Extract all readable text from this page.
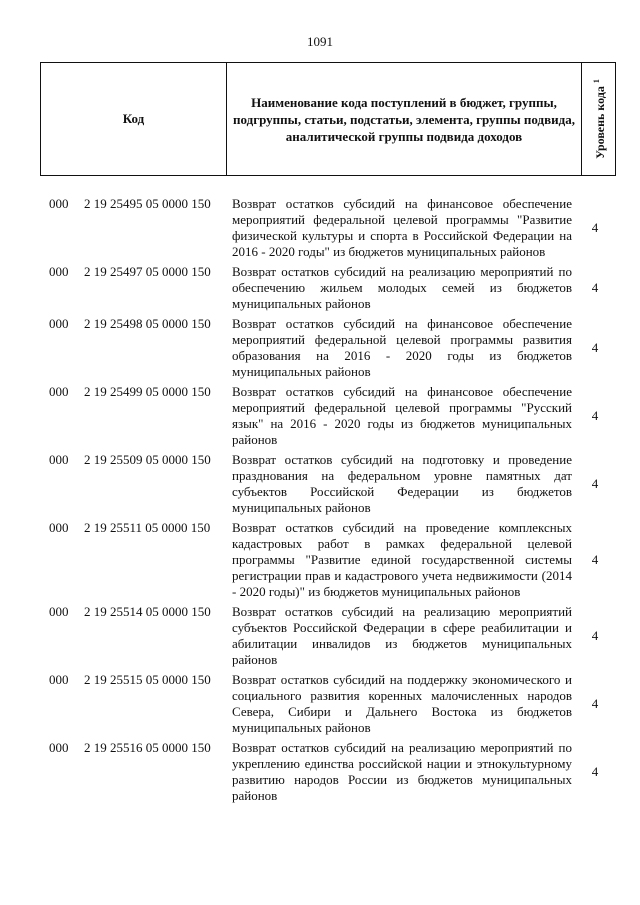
1091
Код
Наименование кода поступлений в бюджет, группы, подгруппы, статьи, подстатьи, элемента, группы подвида, аналитической группы подвида доходов	Уровень кода $^1$
000 2 19 25495 05 0000 150 Возврат остатков субсидий на финансовое обеспечение мероприятий федеральной целевой программы "Развитие физической культуры и спорта в Российской Федерации на 2016 - 2020 годы" из бюджетов муниципальных районов
4
000 2 19 25497 05 0000 150 Возврат остатков субсидий на реализацию мероприятий по обеспечению жильем молодых семей из бюджетов муниципальных районов
4
000 2 19 25498 05 0000 150 Возврат остатков субсидий на финансовое обеспечение мероприятий федеральной целевой программы развития образования на 2016 - 2020 годы из бюджетов муниципальных районов
4
000 2 19 25499 05 0000 150 Возврат остатков субсидий на финансовое обеспечение мероприятий федеральной целевой программы "Русский язык" на 2016 - 2020 годы из бюджетов муниципальных районов
4
000 2 19 25509 05 0000 150 Возврат остатков субсидий на подготовку и проведение празднования на федеральном уровне памятных дат субъектов Российской Федерации из бюджетов муниципальных районов
4
000 2 19 25511 05 0000 150 Возврат остатков субсидий на проведение комплексных кадастровых работ в рамках федеральной целевой программы "Развитие единой государственной системы регистрации прав и кадастрового учета недвижимости (2014 - 2020 годы)" из бюджетов муниципальных районов
4
000 2 19 25514 05 0000 150 Возврат остатков субсидий на реализацию мероприятий субъектов Российской Федерации в сфере реабилитации и абилитации инвалидов из бюджетов муниципальных районов
4
000 2 19 25515 05 0000 150 Возврат остатков субсидий на поддержку экономического и социального развития коренных малочисленных народов Севера, Сибири и Дальнего Востока из бюджетов муниципальных районов
4
000 2 19 25516 05 0000 150 Возврат остатков субсидий на реализацию мероприятий по укреплению единства российской нации и этнокультурному развитию народов России из бюджетов муниципальных районов
4
